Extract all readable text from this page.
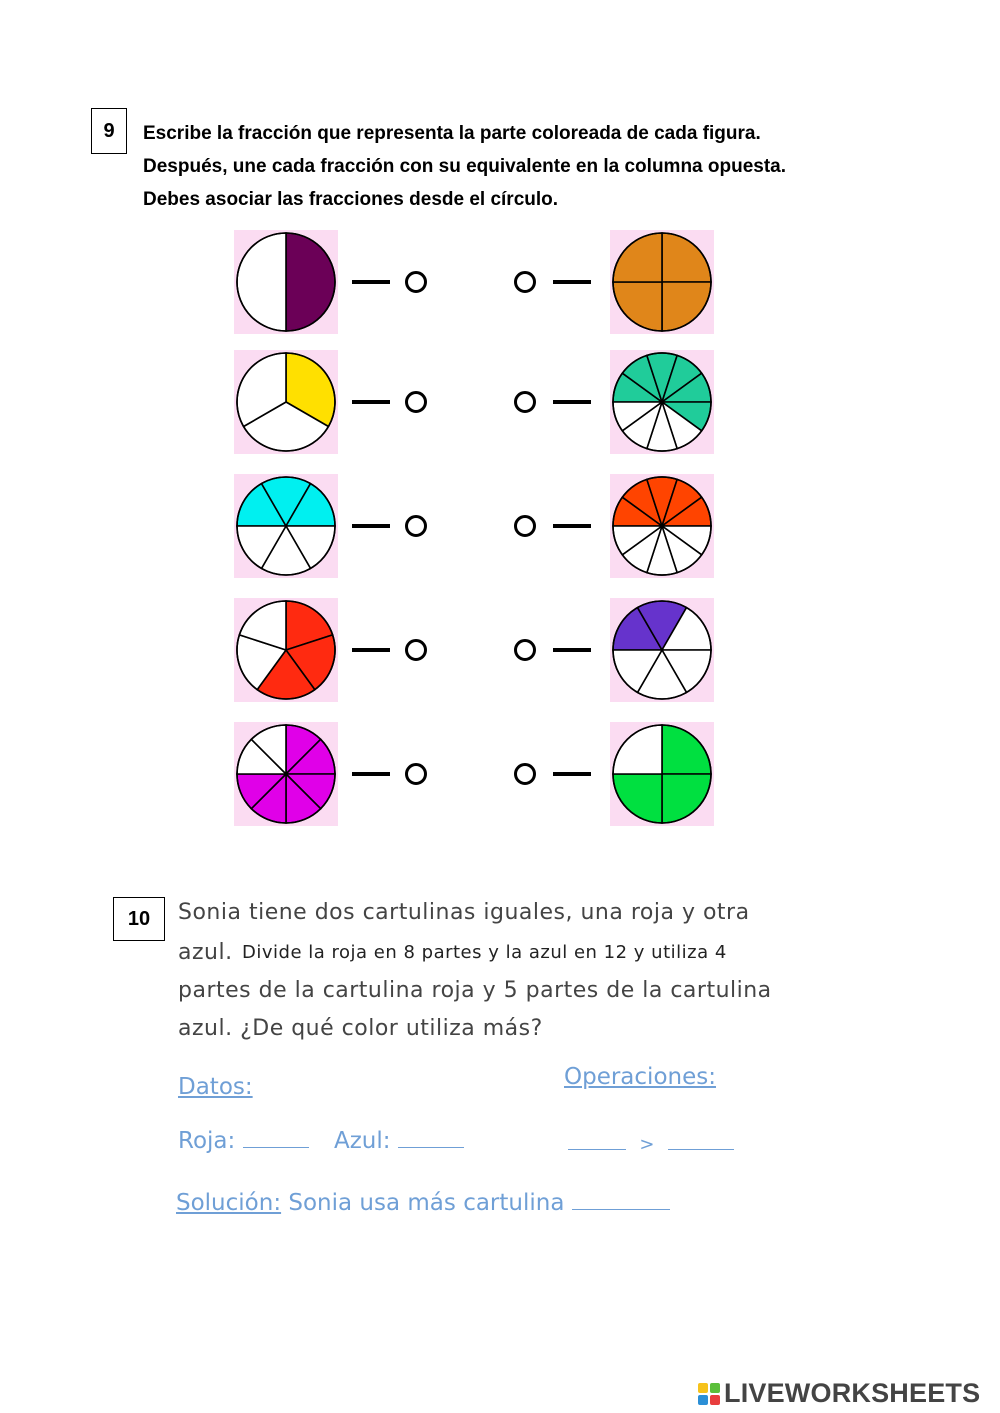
9	Escribe la fracción que representa la parte coloreada de cada figura.
Después, une cada fracción con su equivalente en la columna opuesta.
Debes asociar las fracciones desde el círculo.
10	Sonia tiene dos cartulinas iguales, una roja y otra
azul. Divide la roja en 8 partes y la azul en 12 y utiliza 4
partes de la cartulina roja y 5 partes de la cartulina
azul. ¿De qué color utiliza más?
Datos:	Operaciones:
Roja:	Azul:	>
Solución: Sonia usa más cartulina
LIVEWORKSHEETS
